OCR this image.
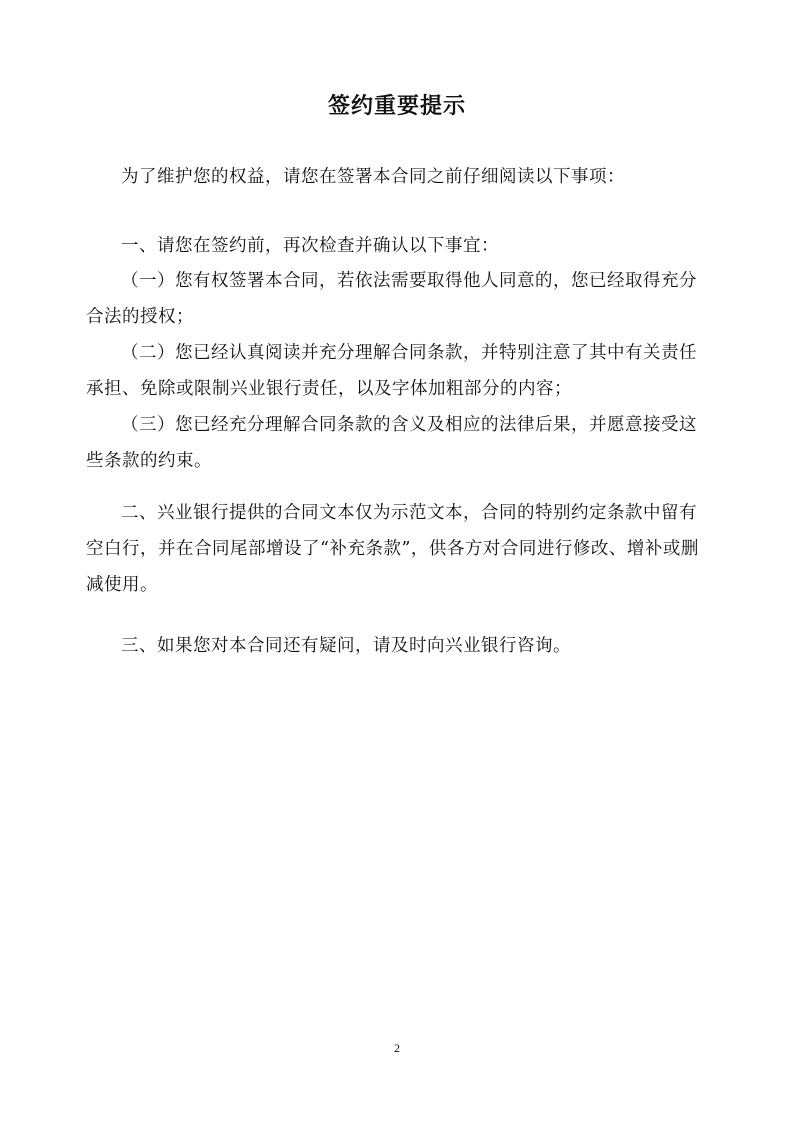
签约重要提示

为了维护您的权益，请您在签署本合同之前仔细阅读以下事项：

一、请您在签约前，再次检查并确认以下事宜：

（一）您有权签署本合同，若依法需要取得他人同意的，您已经取得充分合法的授权；

（二）您已经认真阅读并充分理解合同条款，并特别注意了其中有关责任承担、免除或限制兴业银行责任，以及字体加粗部分的内容；

（三）您已经充分理解合同条款的含义及相应的法律后果，并愿意接受这些条款的约束。

二、兴业银行提供的合同文本仅为示范文本，合同的特别约定条款中留有空白行，并在合同尾部增设了“补充条款”，供各方对合同进行修改、增补或删减使用。

三、如果您对本合同还有疑问，请及时向兴业银行咨询。

2
